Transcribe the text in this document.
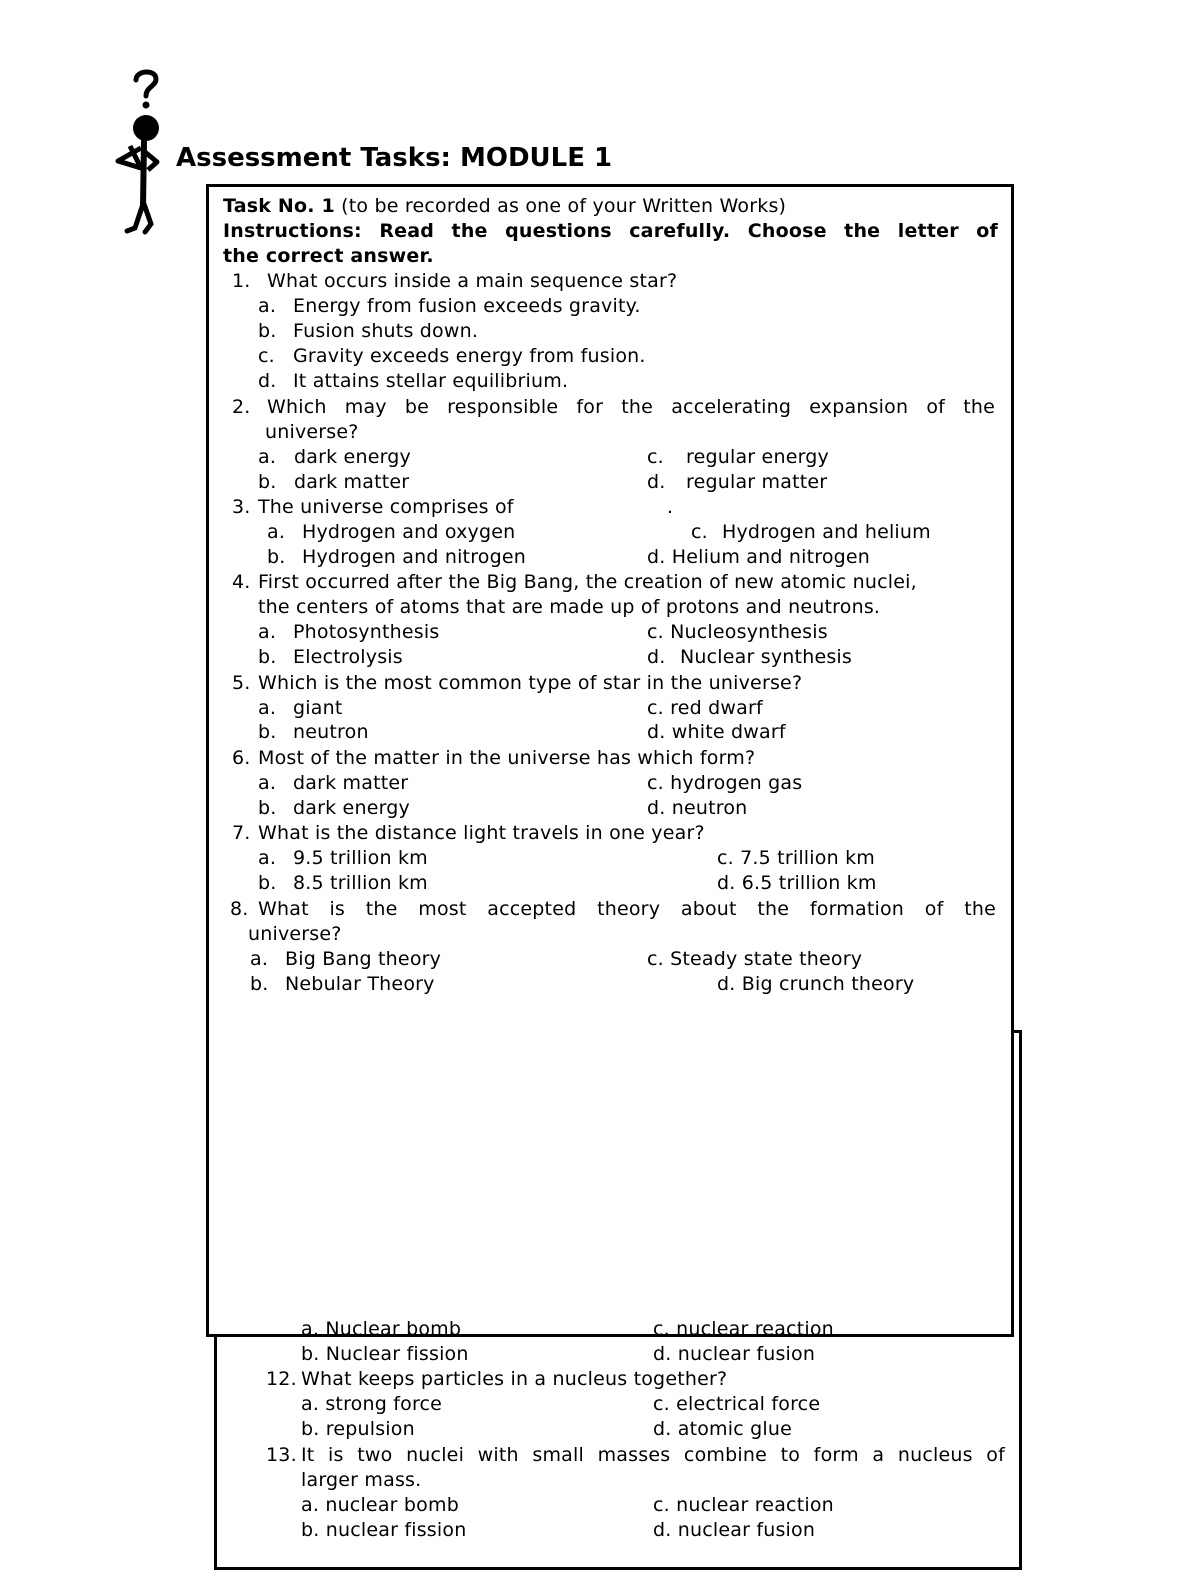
Assessment Tasks: MODULE 1
Task No. 1 (to be recorded as one of your Written Works)
Instructions: Read the questions carefully. Choose the letter of
the correct answer.
1. What occurs inside a main sequence star?
a. Energy from fusion exceeds gravity.
b. Fusion shuts down.
c. Gravity exceeds energy from fusion.
d. It attains stellar equilibrium.
2. Which may be responsible for the accelerating expansion of the
universe?
a. dark energy	c. regular energy
b. dark matter	d. regular matter
3. The universe comprises of	.
a. Hydrogen and oxygen	c. Hydrogen and helium
b. Hydrogen and nitrogen	d. Helium and nitrogen
4. First occurred after the Big Bang, the creation of new atomic nuclei,
the centers of atoms that are made up of protons and neutrons.
a. Photosynthesis	c. Nucleosynthesis
b. Electrolysis	d. Nuclear synthesis
5. Which is the most common type of star in the universe?
a. giant	c. red dwarf
b. neutron	d. white dwarf
6. Most of the matter in the universe has which form?
a. dark matter	c. hydrogen gas
b. dark energy	d. neutron
7. What is the distance light travels in one year?
a. 9.5 trillion km	c. 7.5 trillion km
b. 8.5 trillion km	d. 6.5 trillion km
8. What is the most accepted theory about the formation of the
universe?
a. Big Bang theory	c. Steady state theory
b. Nebular Theory	d. Big crunch theory
a. Nuclear bomb	c. nuclear reaction
b. Nuclear fission	d. nuclear fusion
12. What keeps particles in a nucleus together?
a. strong force	c. electrical force
b. repulsion	d. atomic glue
13. It is two nuclei with small masses combine to form a nucleus of
larger mass.
a. nuclear bomb	c. nuclear reaction
b. nuclear fission	d. nuclear fusion
